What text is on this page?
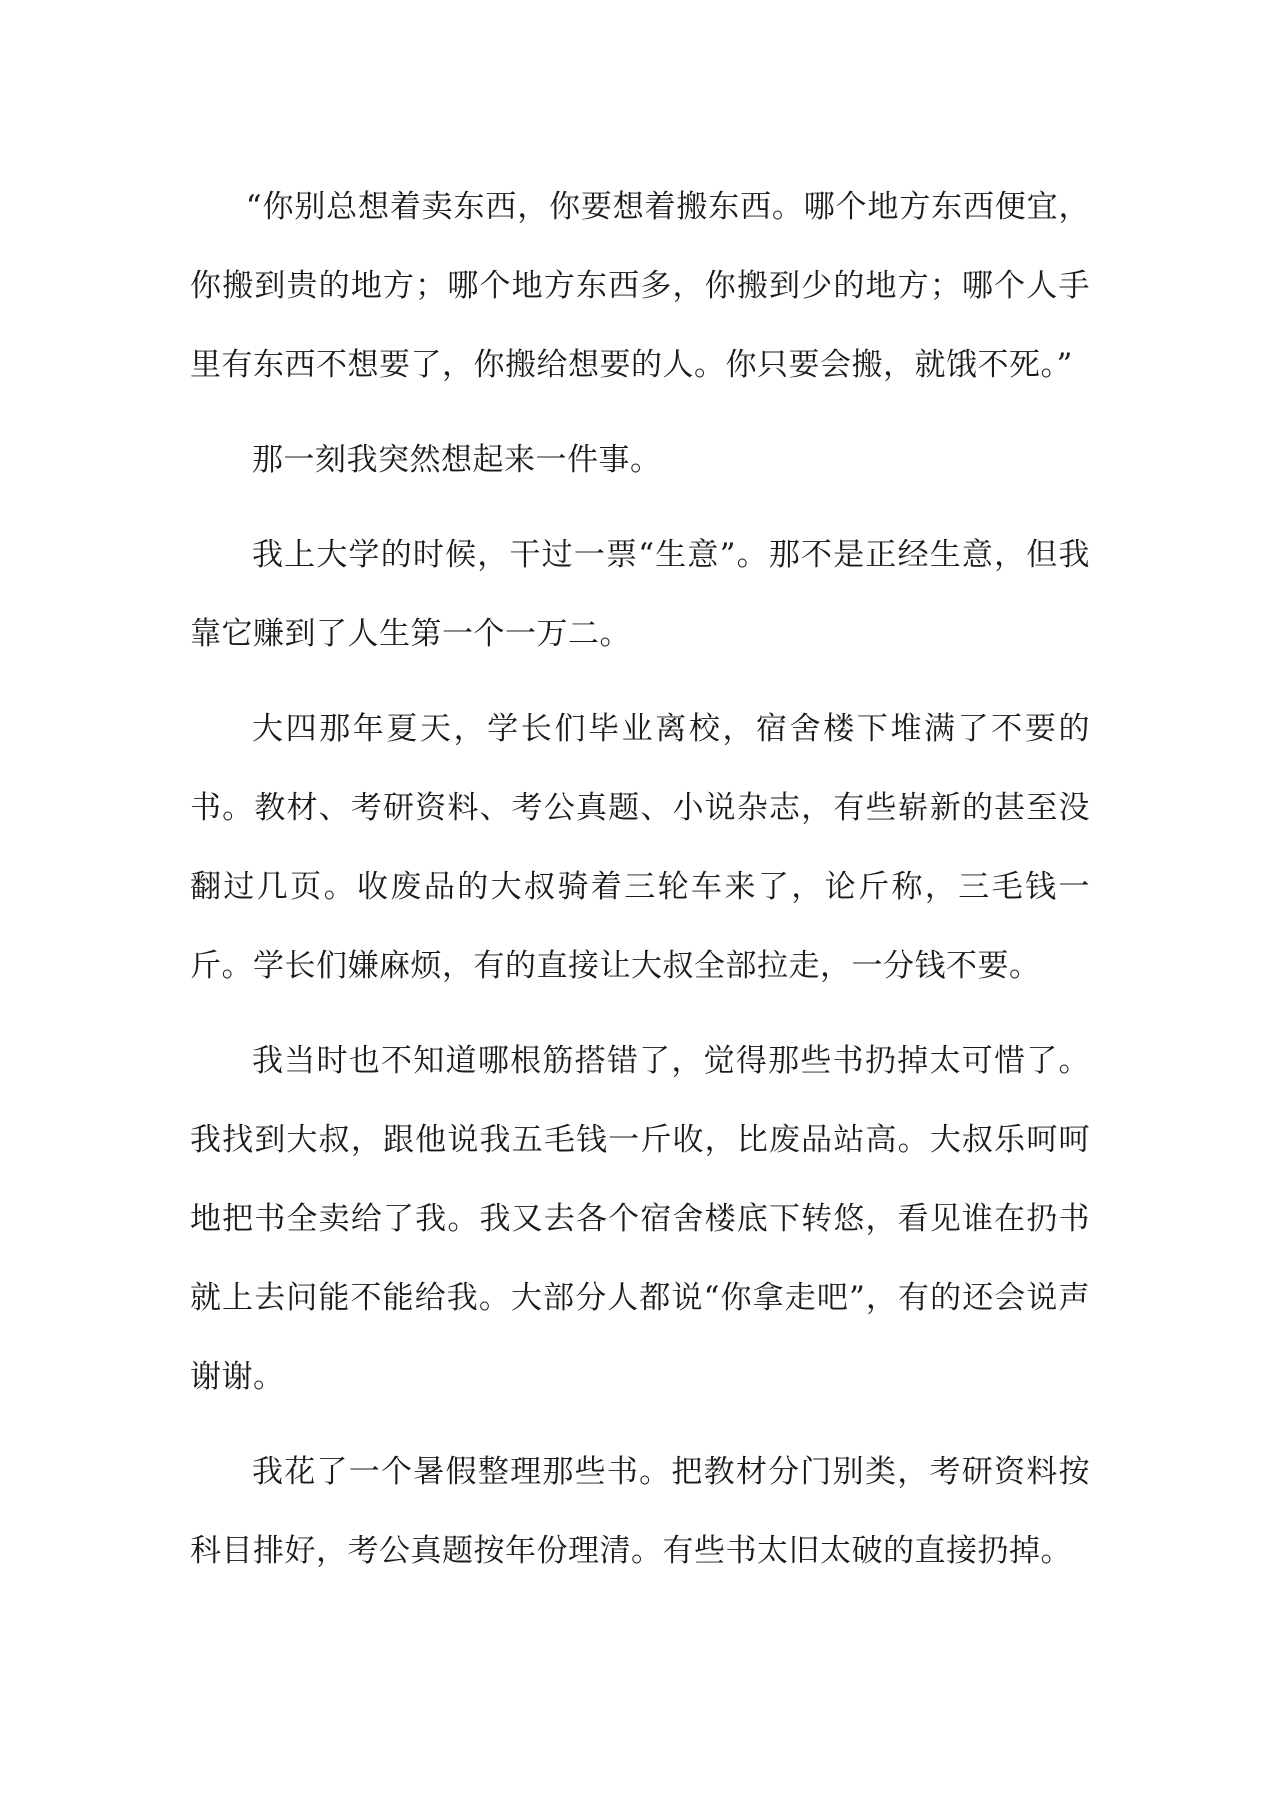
“你别总想着卖东西，你要想着搬东西。哪个地方东西便宜，你搬到贵的地方；哪个地方东西多，你搬到少的地方；哪个人手里有东西不想要了，你搬给想要的人。你只要会搬，就饿不死。”

那一刻我突然想起来一件事。

我上大学的时候，干过一票“生意”。那不是正经生意，但我靠它赚到了人生第一个一万二。

大四那年夏天，学长们毕业离校，宿舍楼下堆满了不要的书。教材、考研资料、考公真题、小说杂志，有些崭新的甚至没翻过几页。收废品的大叔骑着三轮车来了，论斤称，三毛钱一斤。学长们嫌麻烦，有的直接让大叔全部拉走，一分钱不要。

我当时也不知道哪根筋搭错了，觉得那些书扔掉太可惜了。我找到大叔，跟他说我五毛钱一斤收，比废品站高。大叔乐呵呵地把书全卖给了我。我又去各个宿舍楼底下转悠，看见谁在扔书就上去问能不能给我。大部分人都说“你拿走吧”，有的还会说声谢谢。

我花了一个暑假整理那些书。把教材分门别类，考研资料按科目排好，考公真题按年份理清。有些书太旧太破的直接扔掉。
